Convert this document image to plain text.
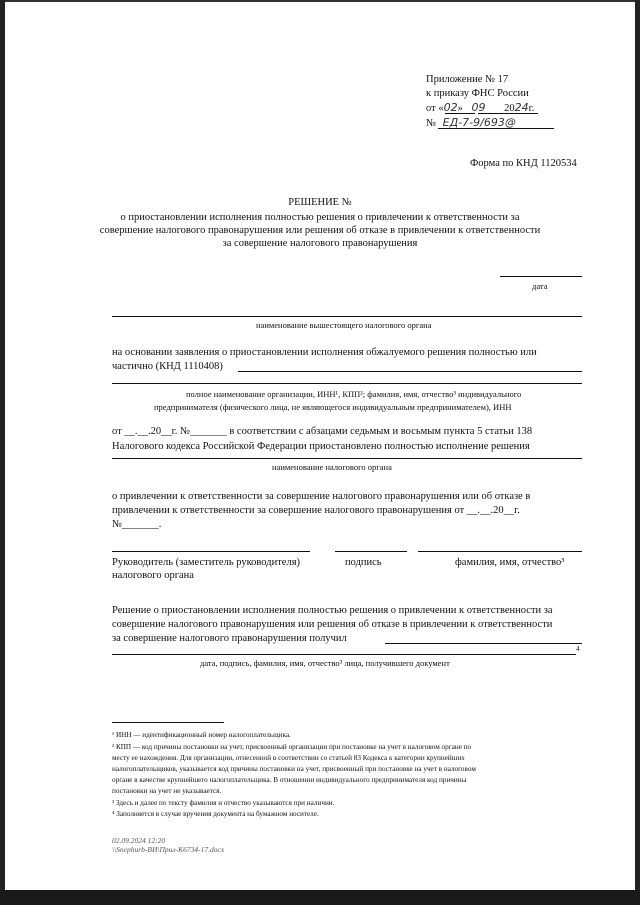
Приложение № 17
к приказу ФНС России
от «02» 09 2024г.
№ ЕД-7-9/693@
Форма по КНД 1120534
РЕШЕНИЕ №
о приостановлении исполнения полностью решения о привлечении к ответственности за
совершение налогового правонарушения или решения об отказе в привлечении к ответственности
за совершение налогового правонарушения
дата
наименование вышестоящего налогового органа
на основании заявления о приостановлении исполнения обжалуемого решения полностью или
частично (КНД 1110408)
полное наименование организации, ИНН¹, КПП²; фамилия, имя, отчество³ индивидуального
предпринимателя (физического лица, не являющегося индивидуальным предпринимателем), ИНН
от __.__.20__г. №_______ в соответствии с абзацами седьмым и восьмым пункта 5 статьи 138
Налогового кодекса Российской Федерации приостановлено полностью исполнение решения
наименование налогового органа
о привлечении к ответственности за совершение налогового правонарушения или об отказе в
привлечении к ответственности за совершение налогового правонарушения от __.__.20__г.
№_______.
Руководитель (заместитель руководителя)
налогового органа
подпись	фамилия, имя, отчество³
Решение о приостановлении исполнения полностью решения о привлечении к ответственности за
совершение налогового правонарушения или решения об отказе в привлечении к ответственности
за совершение налогового правонарушения получил
4
дата, подпись, фамилия, имя, отчество³ лица, получившего документ
¹ ИНН — идентификационный номер налогоплательщика.
² КПП — код причины постановки на учет, присвоенный организации при постановке на учет в налоговом органе по
месту ее нахождения. Для организации, отнесенной в соответствии со статьей 83 Кодекса к категории крупнейших
налогоплательщиков, указывается код причины постановки на учет, присвоенный при постановке на учет в налоговом
органе в качестве крупнейшего налогоплательщика. В отношении индивидуального предпринимателя код причины
постановки на учет не указывается.
³ Здесь и далее по тексту фамилия и отчество указываются при наличии.
⁴ Заполняется в случае вручения документа на бумажном носителе.
02.09.2024 12:20
\\Snephurb-ВИ\Прил-К6734-17.docx
